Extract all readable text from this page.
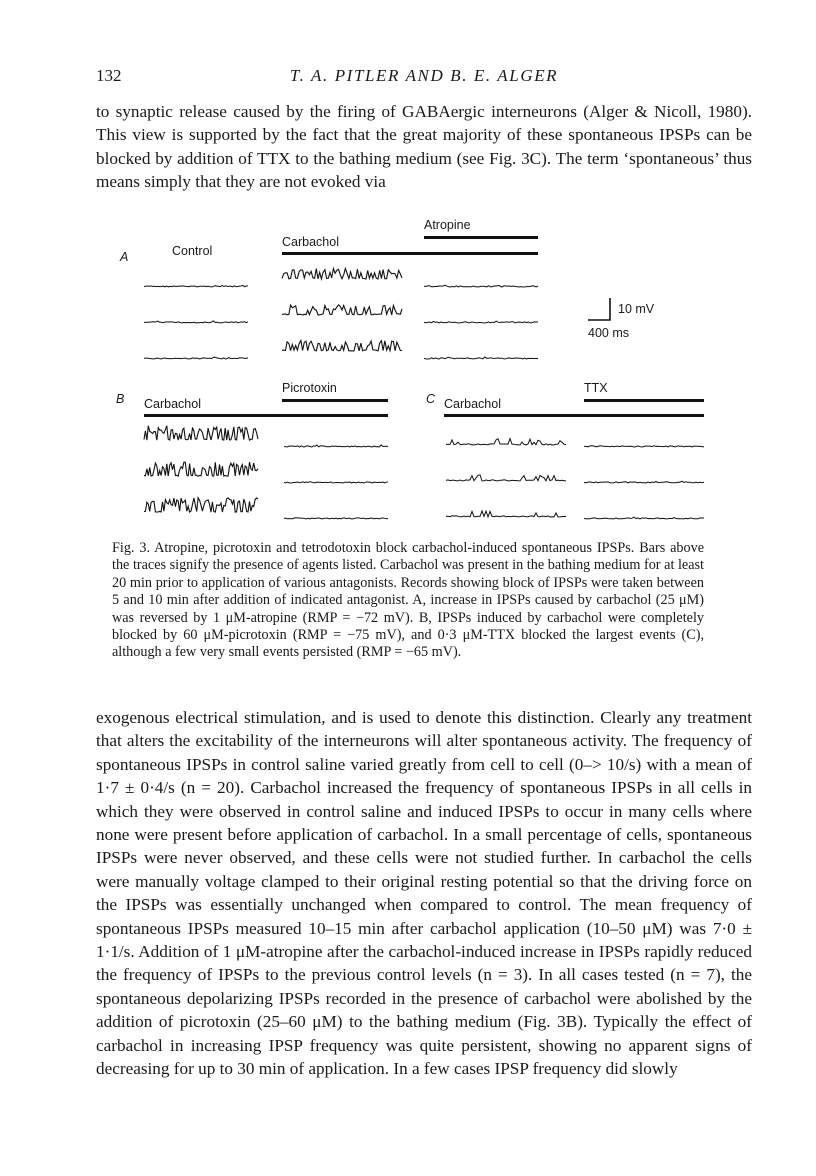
132	T. A. PITLER AND B. E. ALGER

to synaptic release caused by the firing of GABAergic interneurons (Alger & Nicoll, 1980). This view is supported by the fact that the great majority of these spontaneous IPSPs can be blocked by addition of TTX to the bathing medium (see Fig. 3C). The term ‘spontaneous’ thus means simply that they are not evoked via

A	Control
Carbachol
Atropine
10 mV
400 ms
B Carbachol
Picrotoxin
C Carbachol
TTX

Fig. 3. Atropine, picrotoxin and tetrodotoxin block carbachol-induced spontaneous IPSPs. Bars above the traces signify the presence of agents listed. Carbachol was present in the bathing medium for at least 20 min prior to application of various antagonists. Records showing block of IPSPs were taken between 5 and 10 min after addition of indicated antagonist. A, increase in IPSPs caused by carbachol (25 μM) was reversed by 1 μM-atropine (RMP = −72 mV). B, IPSPs induced by carbachol were completely blocked by 60 μM-picrotoxin (RMP = −75 mV), and 0·3 μM-TTX blocked the largest events (C), although a few very small events persisted (RMP = −65 mV).

exogenous electrical stimulation, and is used to denote this distinction. Clearly any treatment that alters the excitability of the interneurons will alter spontaneous activity. The frequency of spontaneous IPSPs in control saline varied greatly from cell to cell (0–> 10/s) with a mean of 1·7 ± 0·4/s (n = 20). Carbachol increased the frequency of spontaneous IPSPs in all cells in which they were observed in control saline and induced IPSPs to occur in many cells where none were present before application of carbachol. In a small percentage of cells, spontaneous IPSPs were never observed, and these cells were not studied further. In carbachol the cells were manually voltage clamped to their original resting potential so that the driving force on the IPSPs was essentially unchanged when compared to control. The mean frequency of spontaneous IPSPs measured 10–15 min after carbachol application (10–50 μM) was 7·0 ± 1·1/s. Addition of 1 μM-atropine after the carbachol-induced increase in IPSPs rapidly reduced the frequency of IPSPs to the previous control levels (n = 3). In all cases tested (n = 7), the spontaneous depolarizing IPSPs recorded in the presence of carbachol were abolished by the addition of picrotoxin (25–60 μM) to the bathing medium (Fig. 3B). Typically the effect of carbachol in increasing IPSP frequency was quite persistent, showing no apparent signs of decreasing for up to 30 min of application. In a few cases IPSP frequency did slowly
